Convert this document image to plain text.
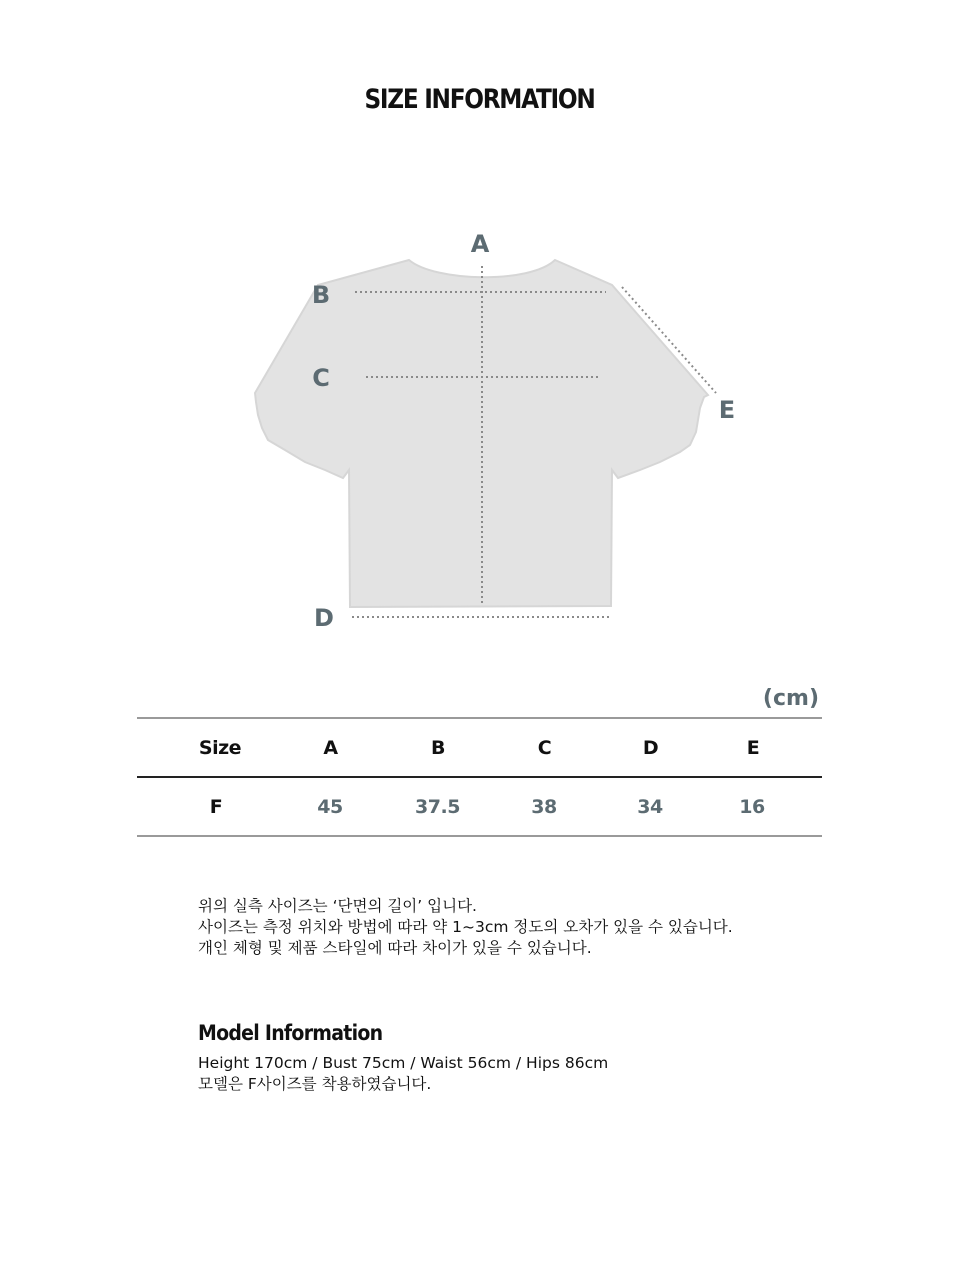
SIZE INFORMATION
A
B
C
D
E
(cm)
Size	A	B	C	D	E
F	45	37.5	38	34	16
위의 실측 사이즈는 ‘단면의 길이’ 입니다.
사이즈는 측정 위치와 방법에 따라 약 1~3cm 정도의 오차가 있을 수 있습니다.
개인 체형 및 제품 스타일에 따라 차이가 있을 수 있습니다.
Model Information
Height 170cm / Bust 75cm / Waist 56cm / Hips 86cm
모델은 F사이즈를 착용하였습니다.
